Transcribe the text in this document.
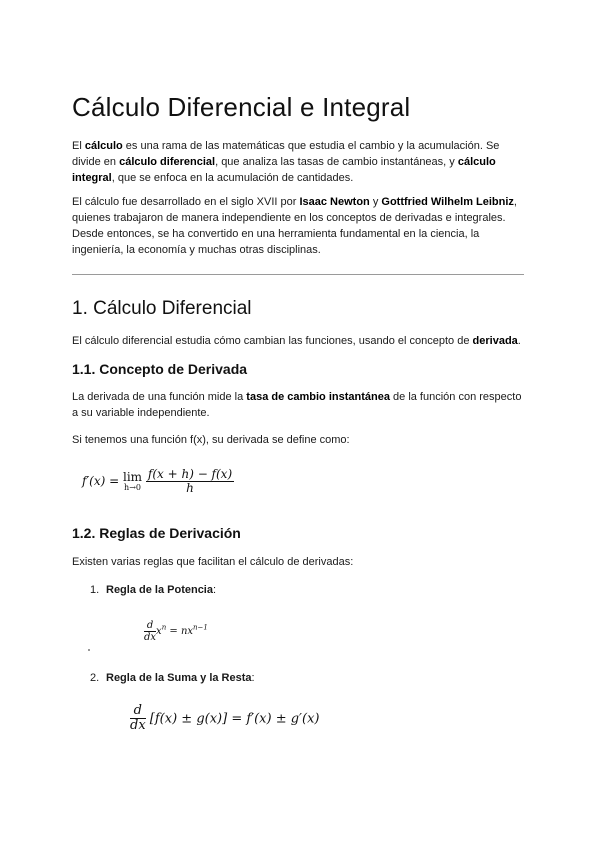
Cálculo Diferencial e Integral

El cálculo es una rama de las matemáticas que estudia el cambio y la acumulación. Se divide en cálculo diferencial, que analiza las tasas de cambio instantáneas, y cálculo integral, que se enfoca en la acumulación de cantidades.

El cálculo fue desarrollado en el siglo XVII por Isaac Newton y Gottfried Wilhelm Leibniz, quienes trabajaron de manera independiente en los conceptos de derivadas e integrales. Desde entonces, se ha convertido en una herramienta fundamental en la ciencia, la ingeniería, la economía y muchas otras disciplinas.

1. Cálculo Diferencial

El cálculo diferencial estudia cómo cambian las funciones, usando el concepto de derivada.

1.1. Concepto de Derivada

La derivada de una función mide la tasa de cambio instantánea de la función con respecto a su variable independiente.

Si tenemos una función f(x), su derivada se define como:

f′(x) = lim
h→0
$\frac{f(x + h) - f(x)}{h}$
1.2. Reglas de Derivación

Existen varias reglas que facilitan el cálculo de derivadas:

1. Regla de la Potencia:
$\frac{d}{dx} x^n = nx^{n-1}$
2. Regla de la Suma y la Resta:
$\frac{d}{dx} [f(x) \pm g(x)] = f'(x) \pm g'(x)$
